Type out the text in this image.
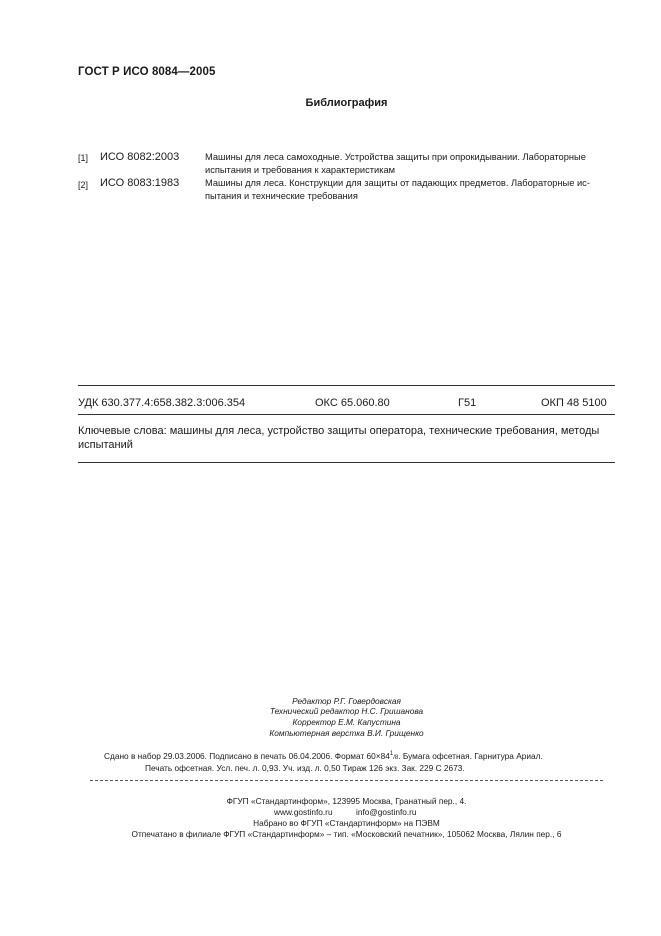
ГОСТ Р ИСО 8084—2005
Библиография
[1] ИСО 8082:2003	Машины для леса самоходные. Устройства защиты при опрокидывании. Лабораторные
испытания и требования к характеристикам
[2] ИСО 8083:1983	Машины для леса. Конструкции для защиты от падающих предметов. Лабораторные ис-
пытания и технические требования
УДК 630.377.4:658.382.3:006.354	ОКС 65.060.80	Г51	ОКП 48 5100
Ключевые слова: машины для леса, устройство защиты оператора, технические требования, методы испытаний
Редактор Р.Г. Говердовская
Технический редактор Н.С. Гришанова
Корректор Е.М. Капустина
Компьютерная верстка В.И. Грищенко
Сдано в набор 29.03.2006. Подписано в печать 06.04.2006. Формат $60\times 84^1/8$. Бумага офсетная. Гарнитура Ариал.
Печать офсетная. Усл. печ. л. 0,93. Уч. изд. л. 0,50 Тираж 126 экз. Зак. 229 С 2673.
ФГУП «Стандартинформ», 123995 Москва, Гранатный пер., 4.
www.gostinfo.ru	info@gostinfo.ru
Набрано во ФГУП «Стандартинформ» на ПЭВМ
Отпечатано в филиале ФГУП «Стандартинформ» – тип. «Московский печатник», 105062 Москва, Лялин пер., 6
